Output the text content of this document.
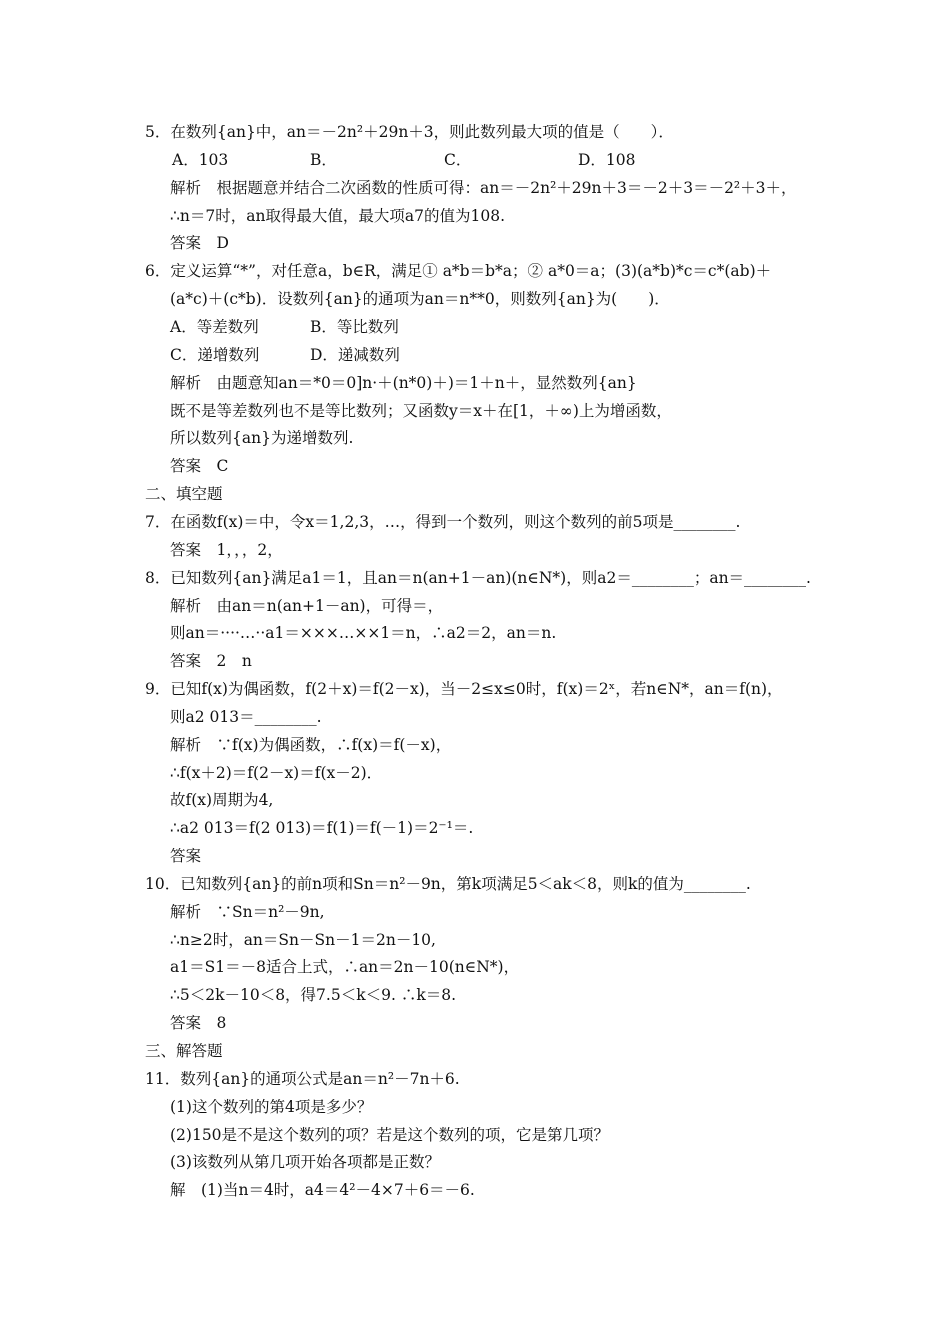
5．在数列{an}中，an＝－2n²＋29n＋3，则此数列最大项的值是（　　）．
A．103	B．	C．	D．108
解析　根据题意并结合二次函数的性质可得：an＝－2n²＋29n＋3＝－2＋3＝－2²＋3＋，
∴n＝7时，an取得最大值，最大项a7的值为108.
答案　D
6．定义运算“*”，对任意a，b∈R，满足① a*b＝b*a；② a*0＝a；(3)(a*b)*c＝c*(ab)＋
(a*c)＋(c*b)．设数列{an}的通项为an＝n**0，则数列{an}为(　　)．
A．等差数列	B．等比数列
C．递增数列	D．递减数列
解析　由题意知an＝*0＝0]n·＋(n*0)＋)＝1＋n＋，显然数列{an}
既不是等差数列也不是等比数列；又函数y＝x＋在[1，＋∞)上为增函数，
所以数列{an}为递增数列.
答案　C
二、填空题
7．在函数f(x)＝中，令x＝1,2,3，…，得到一个数列，则这个数列的前5项是________.
答案　1，，，2，
8．已知数列{an}满足a1＝1，且an＝n(an+1－an)(n∈N*)，则a2＝________；an＝________.
解析　由an＝n(an+1－an)，可得＝，
则an＝····…··a1＝×××…××1＝n，∴a2＝2，an＝n.
答案　2　n
9．已知f(x)为偶函数，f(2＋x)＝f(2－x)，当－2≤x≤0时，f(x)＝2ˣ，若n∈N*，an＝f(n)，
则a2 013＝________.
解析　∵f(x)为偶函数，∴f(x)＝f(－x)，
∴f(x＋2)＝f(2－x)＝f(x－2)．
故f(x)周期为4,
∴a2 013＝f(2 013)＝f(1)＝f(－1)＝2⁻¹＝.
答案
10．已知数列{an}的前n项和Sn＝n²－9n，第k项满足5＜ak＜8，则k的值为________.
解析　∵Sn＝n²－9n,
∴n≥2时，an＝Sn－Sn－1＝2n－10,
a1＝S1＝－8适合上式，∴an＝2n－10(n∈N*)，
∴5＜2k－10＜8，得7.5＜k＜9. ∴k＝8.
答案　8
三、解答题
11．数列{an}的通项公式是an＝n²－7n＋6.
(1)这个数列的第4项是多少？
(2)150是不是这个数列的项？若是这个数列的项，它是第几项？
(3)该数列从第几项开始各项都是正数？
解　(1)当n＝4时，a4＝4²－4×7＋6＝－6.
